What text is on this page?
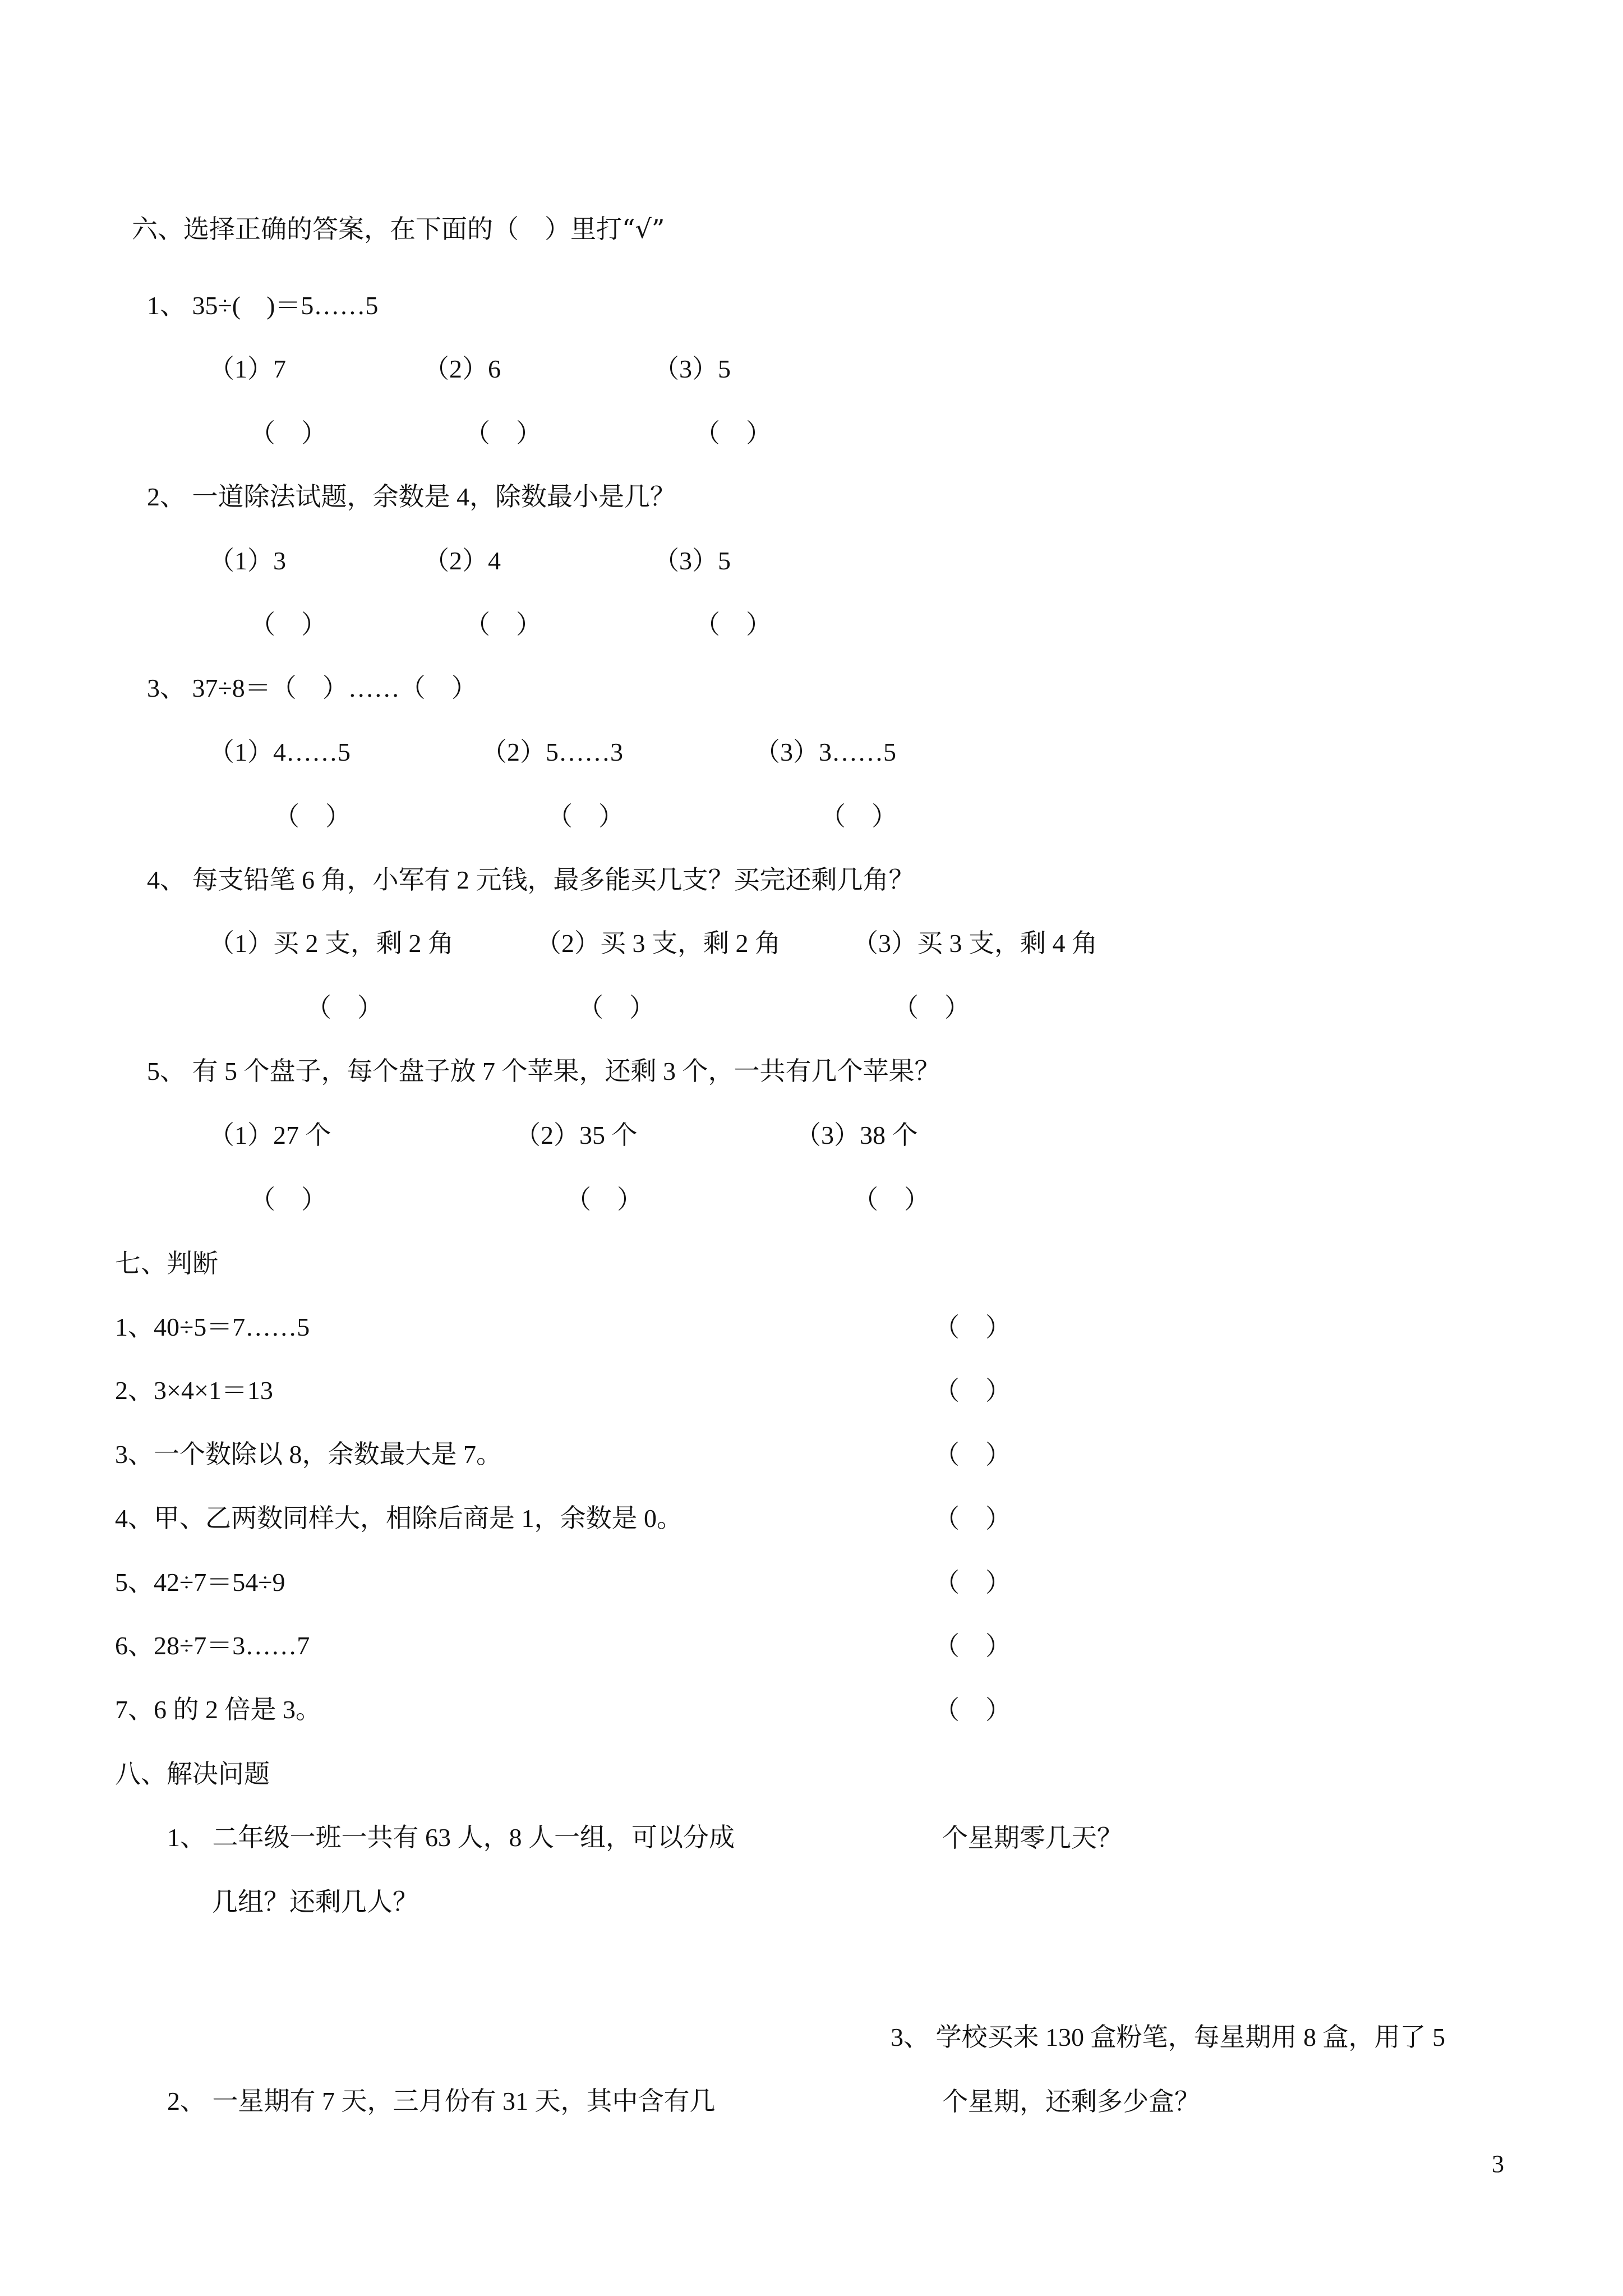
六、选择正确的答案，在下面的（　）里打“√”
1、 35÷(　)＝5……5
（1）7	（2）6	（3）5
（　）	（　）	（　）
2、 一道除法试题，余数是 4，除数最小是几？
（1）3	（2）4	（3）5
（　）	（　）	（　）
3、 37÷8＝（　）……（　）
（1）4……5	（2）5……3	（3）3……5
（　）	（　）	（　）
4、 每支铅笔 6 角，小军有 2 元钱，最多能买几支？买完还剩几角？
（1）买 2 支，剩 2 角	（2）买 3 支，剩 2 角	（3）买 3 支，剩 4 角
（　）	（　）	（　）
5、 有 5 个盘子，每个盘子放 7 个苹果，还剩 3 个，一共有几个苹果？
（1）27 个	（2）35 个	（3）38 个
（　）	（　）	（　）
七、判断
1、40÷5＝7……5	（　）
2、3×4×1＝13	（　）
3、一个数除以 8，余数最大是 7。	（　）
4、甲、乙两数同样大，相除后商是 1，余数是 0。	（　）
5、42÷7＝54÷9	（　）
6、28÷7＝3……7	（　）
7、6 的 2 倍是 3。	（　）
八、解决问题
1、 二年级一班一共有 63 人，8 人一组，可以分成
几组？还剩几人？
个星期零几天？
3、 学校买来 130 盒粉笔，每星期用 8 盒，用了 5
个星期，还剩多少盒？
2、 一星期有 7 天，三月份有 31 天，其中含有几
3
